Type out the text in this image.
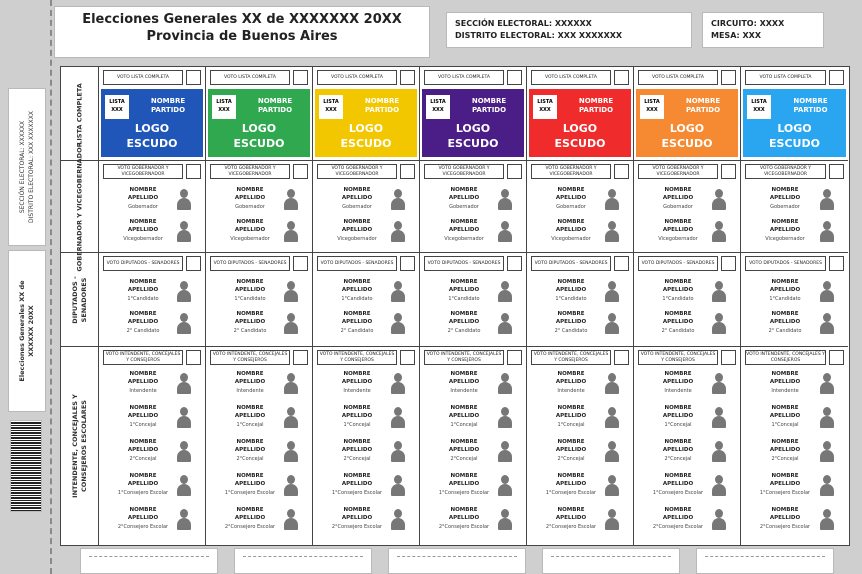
Elecciones Generales XX de XXXXXXX 20XX
Provincia de Buenos Aires
SECCIÓN ELECTORAL: XXXXXX
DISTRITO ELECTORAL: XXX XXXXXXX
CIRCUITO: XXXX
MESA: XXX
SECCIÓN ELECTORAL: XXXXXX DISTRITO ELECTORAL: XXX XXXXXXX
Elecciones Generales XX de XXXXXX 20XX
LISTA COMPLETA
GOBERNADOR Y VICEGOBERNADOR
DIPUTADOS - SENADORES
INTENDENTE, CONCEJALES Y CONSEJEROS ESCOLARES
VOTO LISTA COMPLETA
LISTA
XXX
NOMBRE
PARTIDO
LOGO
ESCUDO
VOTO GOBERNADOR Y VICEGOBERNADOR
NOMBRE
APELLIDO
Gobernador
NOMBRE
APELLIDO
Vicegobernador
VOTO DIPUTADOS - SENADORES
NOMBRE
APELLIDO
1°Candidato
NOMBRE
APELLIDO
2° Candidato
VOTO INTENDENTE, CONCEJALES Y CONSEJEROS
NOMBRE
APELLIDO
Intendente
NOMBRE
APELLIDO
1°Concejal
NOMBRE
APELLIDO
2°Concejal
NOMBRE
APELLIDO
1°Consejero Escolar
NOMBRE
APELLIDO
2°Consejero Escolar
VOTO LISTA COMPLETA
LISTA
XXX
NOMBRE
PARTIDO
LOGO
ESCUDO
VOTO GOBERNADOR Y VICEGOBERNADOR
NOMBRE
APELLIDO
Gobernador
NOMBRE
APELLIDO
Vicegobernador
VOTO DIPUTADOS - SENADORES
NOMBRE
APELLIDO
1°Candidato
NOMBRE
APELLIDO
2° Candidato
VOTO INTENDENTE, CONCEJALES Y CONSEJEROS
NOMBRE
APELLIDO
Intendente
NOMBRE
APELLIDO
1°Concejal
NOMBRE
APELLIDO
2°Concejal
NOMBRE
APELLIDO
1°Consejero Escolar
NOMBRE
APELLIDO
2°Consejero Escolar
VOTO LISTA COMPLETA
LISTA
XXX
NOMBRE
PARTIDO
LOGO
ESCUDO
VOTO GOBERNADOR Y VICEGOBERNADOR
NOMBRE
APELLIDO
Gobernador
NOMBRE
APELLIDO
Vicegobernador
VOTO DIPUTADOS - SENADORES
NOMBRE
APELLIDO
1°Candidato
NOMBRE
APELLIDO
2° Candidato
VOTO INTENDENTE, CONCEJALES Y CONSEJEROS
NOMBRE
APELLIDO
Intendente
NOMBRE
APELLIDO
1°Concejal
NOMBRE
APELLIDO
2°Concejal
NOMBRE
APELLIDO
1°Consejero Escolar
NOMBRE
APELLIDO
2°Consejero Escolar
VOTO LISTA COMPLETA
LISTA
XXX
NOMBRE
PARTIDO
LOGO
ESCUDO
VOTO GOBERNADOR Y VICEGOBERNADOR
NOMBRE
APELLIDO
Gobernador
NOMBRE
APELLIDO
Vicegobernador
VOTO DIPUTADOS - SENADORES
NOMBRE
APELLIDO
1°Candidato
NOMBRE
APELLIDO
2° Candidato
VOTO INTENDENTE, CONCEJALES Y CONSEJEROS
NOMBRE
APELLIDO
Intendente
NOMBRE
APELLIDO
1°Concejal
NOMBRE
APELLIDO
2°Concejal
NOMBRE
APELLIDO
1°Consejero Escolar
NOMBRE
APELLIDO
2°Consejero Escolar
VOTO LISTA COMPLETA
LISTA
XXX
NOMBRE
PARTIDO
LOGO
ESCUDO
VOTO GOBERNADOR Y VICEGOBERNADOR
NOMBRE
APELLIDO
Gobernador
NOMBRE
APELLIDO
Vicegobernador
VOTO DIPUTADOS - SENADORES
NOMBRE
APELLIDO
1°Candidato
NOMBRE
APELLIDO
2° Candidato
VOTO INTENDENTE, CONCEJALES Y CONSEJEROS
NOMBRE
APELLIDO
Intendente
NOMBRE
APELLIDO
1°Concejal
NOMBRE
APELLIDO
2°Concejal
NOMBRE
APELLIDO
1°Consejero Escolar
NOMBRE
APELLIDO
2°Consejero Escolar
VOTO LISTA COMPLETA
LISTA
XXX
NOMBRE
PARTIDO
LOGO
ESCUDO
VOTO GOBERNADOR Y VICEGOBERNADOR
NOMBRE
APELLIDO
Gobernador
NOMBRE
APELLIDO
Vicegobernador
VOTO DIPUTADOS - SENADORES
NOMBRE
APELLIDO
1°Candidato
NOMBRE
APELLIDO
2° Candidato
VOTO INTENDENTE, CONCEJALES Y CONSEJEROS
NOMBRE
APELLIDO
Intendente
NOMBRE
APELLIDO
1°Concejal
NOMBRE
APELLIDO
2°Concejal
NOMBRE
APELLIDO
1°Consejero Escolar
NOMBRE
APELLIDO
2°Consejero Escolar
VOTO LISTA COMPLETA
LISTA
XXX
NOMBRE
PARTIDO
LOGO
ESCUDO
VOTO GOBERNADOR Y VICEGOBERNADOR
NOMBRE
APELLIDO
Gobernador
NOMBRE
APELLIDO
Vicegobernador
VOTO DIPUTADOS - SENADORES
NOMBRE
APELLIDO
1°Candidato
NOMBRE
APELLIDO
2° Candidato
VOTO INTENDENTE, CONCEJALES Y CONSEJEROS
NOMBRE
APELLIDO
Intendente
NOMBRE
APELLIDO
1°Concejal
NOMBRE
APELLIDO
2°Concejal
NOMBRE
APELLIDO
1°Consejero Escolar
NOMBRE
APELLIDO
2°Consejero Escolar
